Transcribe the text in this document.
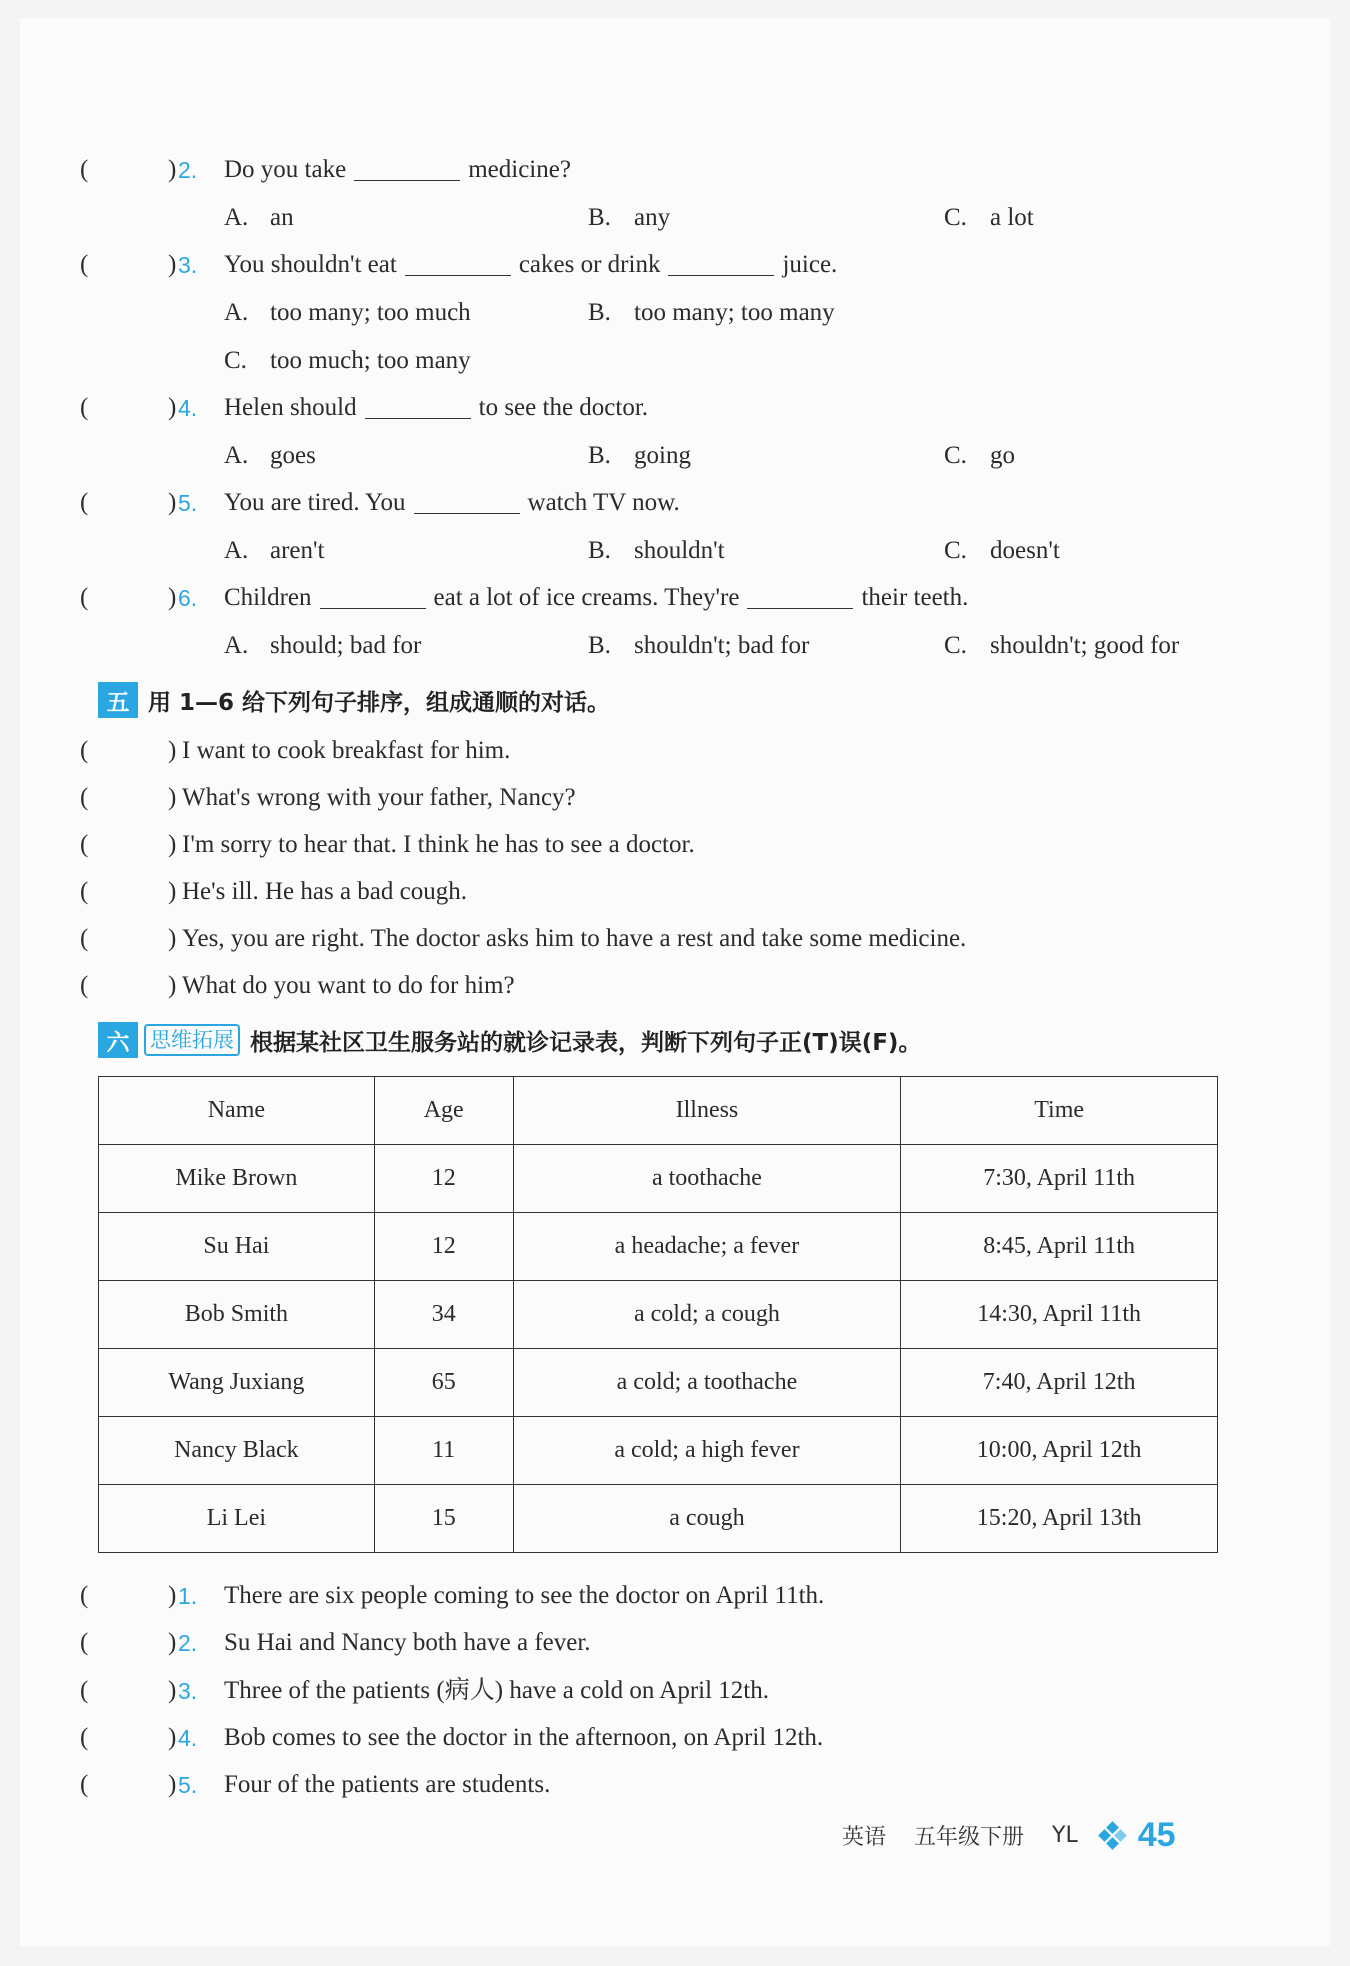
(	) 2. Do you take	medicine?
A. an	B. any	C. a lot
(	) 3. You shouldn't eat	cakes or drink	juice.
A. too many; too much	B. too many; too many
C. too much; too many
(	) 4. Helen should	to see the doctor.
A. goes	B. going	C. go
(	) 5. You are tired. You	watch TV now.
A. aren't	B. shouldn't	C. doesn't
(	) 6. Children	eat a lot of ice creams. They're	their teeth.
A. should; bad for	B. shouldn't; bad for	C. shouldn't; good for
五 用 1—6 给下列句子排序，组成通顺的对话。
(	) I want to cook breakfast for him.
(	) What's wrong with your father, Nancy?
(	) I'm sorry to hear that. I think he has to see a doctor.
(	) He's ill. He has a bad cough.
(	) Yes, you are right. The doctor asks him to have a rest and take some medicine.
(	) What do you want to do for him?
六 思维拓展 根据某社区卫生服务站的就诊记录表，判断下列句子正(T)误(F)。
Name	Age	Illness	Time
Mike Brown	12	a toothache	7:30, April 11th
Su Hai	12	a headache; a fever	8:45, April 11th
Bob Smith	34	a cold; a cough	14:30, April 11th
Wang Juxiang	65	a cold; a toothache	7:40, April 12th
Nancy Black	11	a cold; a high fever	10:00, April 12th
Li Lei	15	a cough	15:20, April 13th
(	) 1. There are six people coming to see the doctor on April 11th.
(	) 2. Su Hai and Nancy both have a fever.
(	) 3. Three of the patients (病人) have a cold on April 12th.
(	) 4. Bob comes to see the doctor in the afternoon, on April 12th.
(	) 5. Four of the patients are students.
英语 五年级下册 YL 45
